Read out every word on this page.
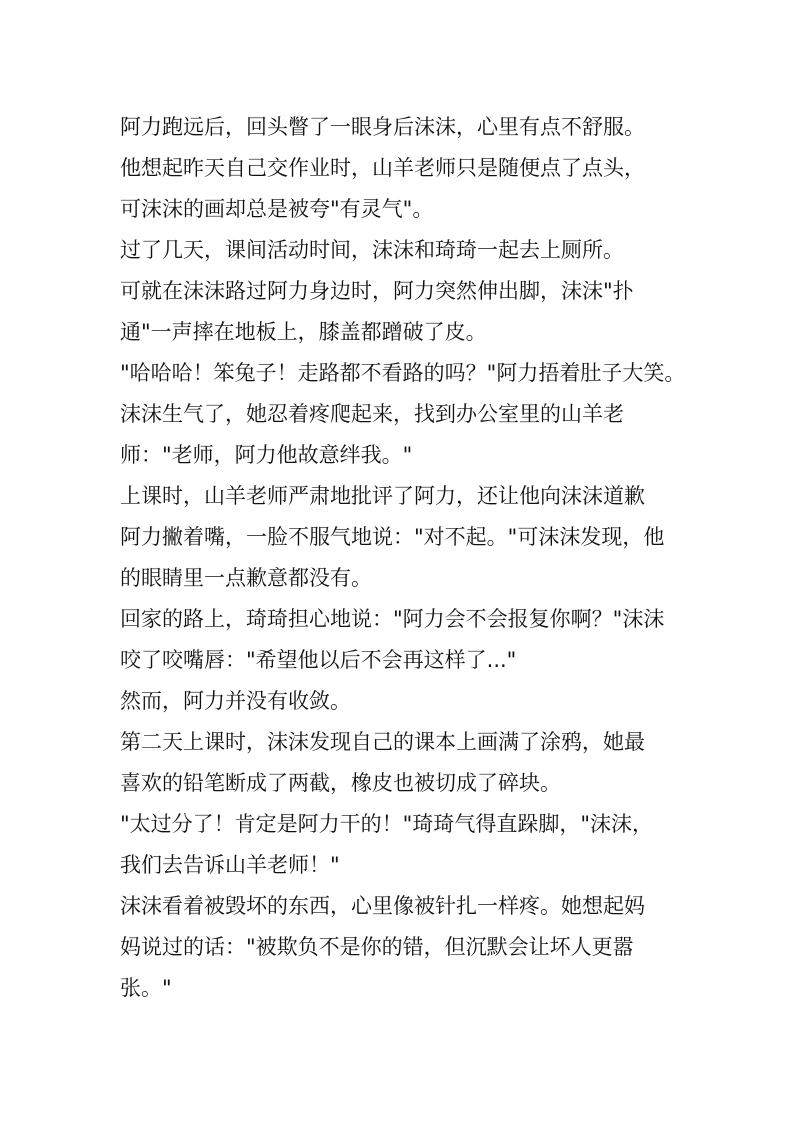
阿力跑远后，回头瞥了一眼身后沫沫，心里有点不舒服。
他想起昨天自己交作业时，山羊老师只是随便点了点头，
可沫沫的画却总是被夸"有灵气"。
过了几天，课间活动时间，沫沫和琦琦一起去上厕所。
可就在沫沫路过阿力身边时，阿力突然伸出脚，沫沫"扑
通"一声摔在地板上，膝盖都蹭破了皮。
"哈哈哈！笨兔子！走路都不看路的吗？"阿力捂着肚子大笑。
沫沫生气了，她忍着疼爬起来，找到办公室里的山羊老
师："老师，阿力他故意绊我。"
上课时，山羊老师严肃地批评了阿力，还让他向沫沫道歉
阿力撇着嘴，一脸不服气地说："对不起。"可沫沫发现，他
的眼睛里一点歉意都没有。
回家的路上，琦琦担心地说："阿力会不会报复你啊？"沫沫
咬了咬嘴唇："希望他以后不会再这样了..."
然而，阿力并没有收敛。
第二天上课时，沫沫发现自己的课本上画满了涂鸦，她最
喜欢的铅笔断成了两截，橡皮也被切成了碎块。
"太过分了！肯定是阿力干的！"琦琦气得直跺脚，"沫沫，
我们去告诉山羊老师！"
沫沫看着被毁坏的东西，心里像被针扎一样疼。她想起妈
妈说过的话："被欺负不是你的错，但沉默会让坏人更嚣
张。"
